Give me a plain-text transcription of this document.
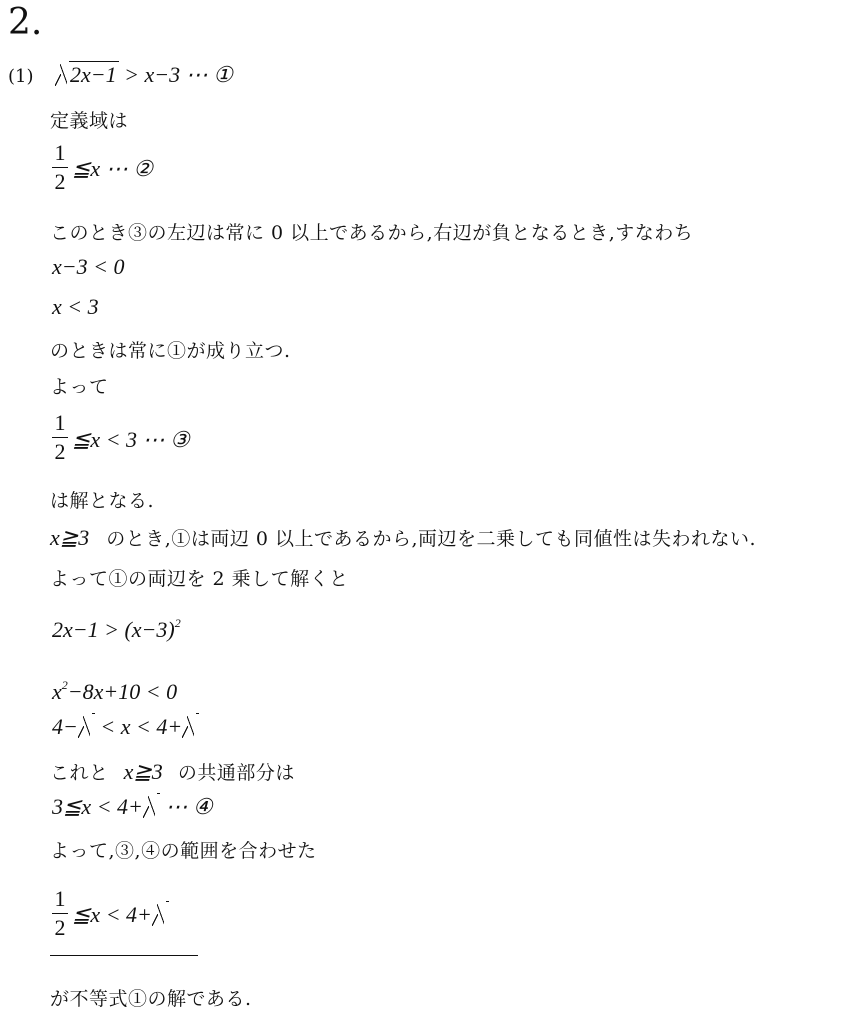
2.
(1)	2x−1 > x−3 ⋯ ①
定義域は
1
2
≦x ⋯ ②
このとき③の左辺は常に 0 以上であるから,右辺が負となるとき,すなわち
x−3 < 0
x < 3
のときは常に①が成り立つ.
よって
1
2 ≦x < 3 ⋯ ③
は解となる.
x≧3 のとき,①は両辺 0 以上であるから,両辺を二乗しても同値性は失われない.
よって①の両辺を 2 乗して解くと
$2x-1 > (x-3)^2$
$x^2-8x+10 < 0$
4− < x < 4+
これと x≧3 の共通部分は
3≦x < 4+ ⋯ ④
よって,③,④の範囲を合わせた
1
2
≦x < 4+
が不等式①の解である.
